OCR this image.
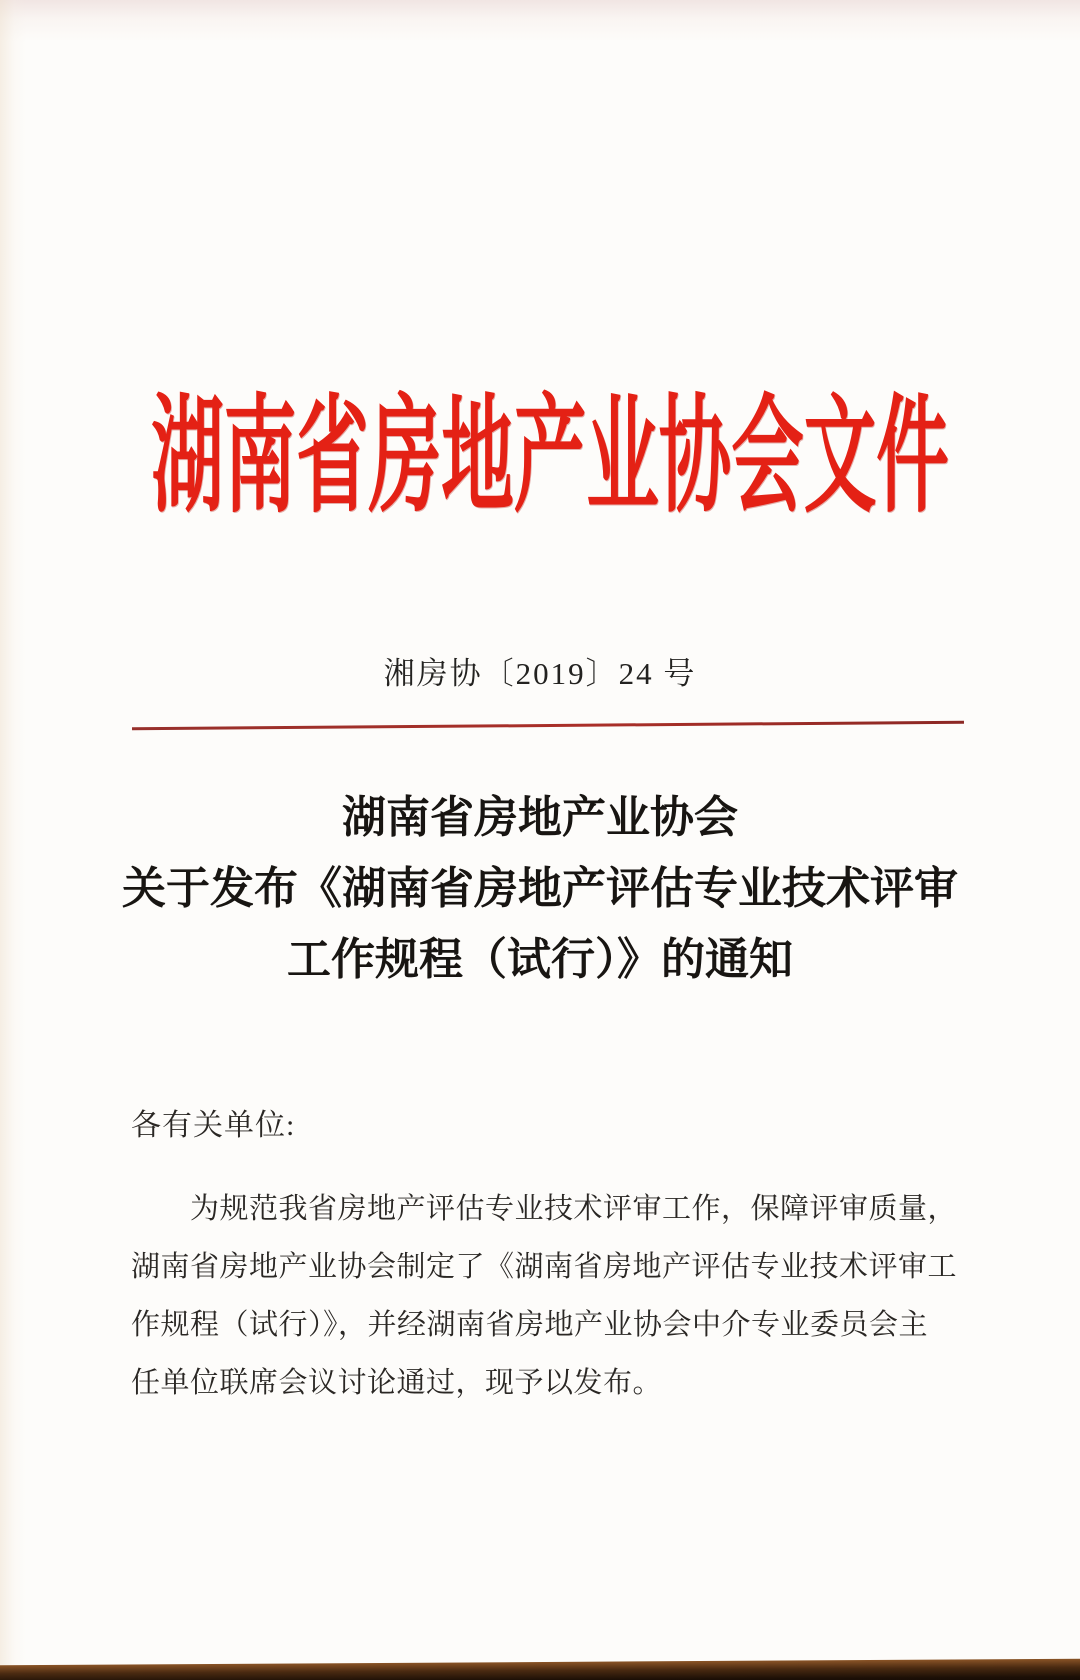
湖南省房地产业协会文件
湘房协〔2019〕24 号
湖南省房地产业协会
关于发布《湖南省房地产评估专业技术评审
工作规程（试行）》的通知
各有关单位:
为规范我省房地产评估专业技术评审工作，保障评审质量，
湖南省房地产业协会制定了《湖南省房地产评估专业技术评审工
作规程（试行）》，并经湖南省房地产业协会中介专业委员会主
任单位联席会议讨论通过，现予以发布。
